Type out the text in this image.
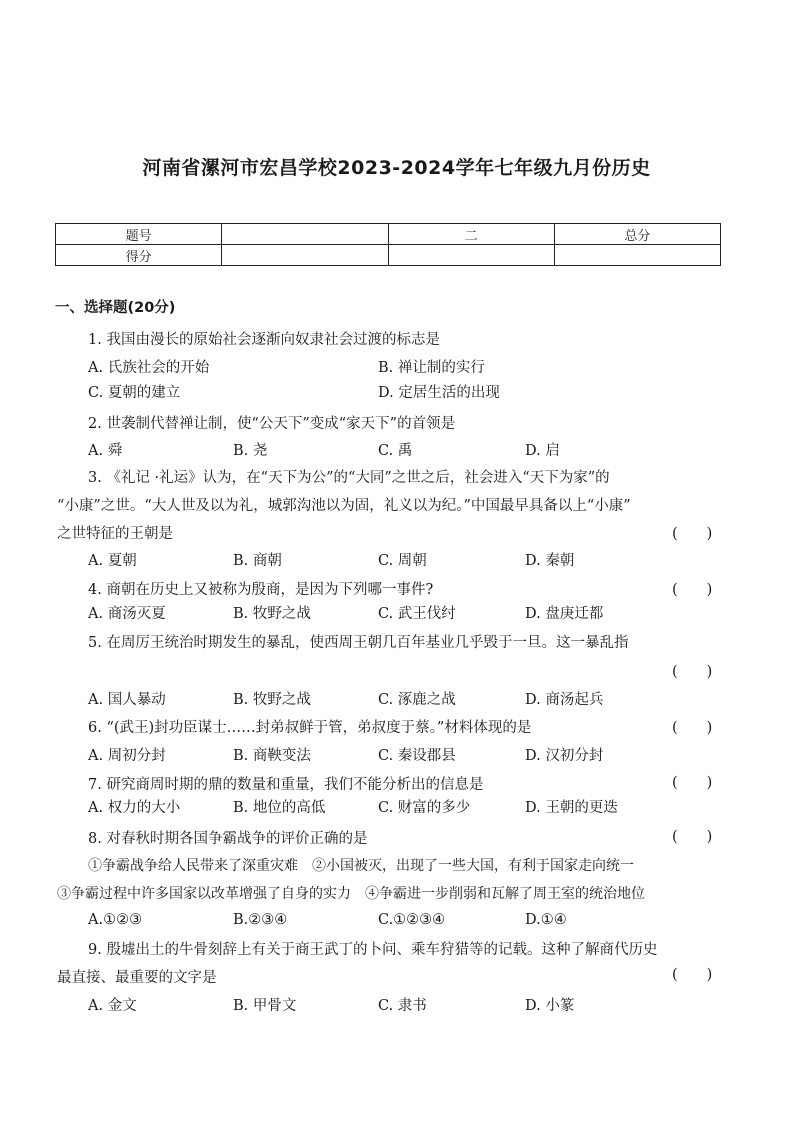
河南省漯河市宏昌学校2023-2024学年七年级九月份历史
题号		二	总分
得分			
一、选择题(20分)
1. 我国由漫长的原始社会逐渐向奴隶社会过渡的标志是
A. 氏族社会的开始	B. 禅让制的实行
C. 夏朝的建立	D. 定居生活的出现
2. 世袭制代替禅让制，使“公天下”变成“家天下”的首领是
A. 舜	B. 尧	C. 禹	D. 启
3. 《礼记 ·礼运》认为，在“天下为公”的“大同”之世之后，社会进入“天下为家”的
“小康”之世。“大人世及以为礼，城郭沟池以为固，礼义以为纪。”中国最早具备以上“小康”
之世特征的王朝是	(　　)
A. 夏朝	B. 商朝	C. 周朝	D. 秦朝
4. 商朝在历史上又被称为殷商，是因为下列哪一事件?	(　　)
A. 商汤灭夏	B. 牧野之战	C. 武王伐纣	D. 盘庚迁都
5. 在周厉王统治时期发生的暴乱，使西周王朝几百年基业几乎毁于一旦。这一暴乱指
(　　)
A. 国人暴动	B. 牧野之战	C. 涿鹿之战	D. 商汤起兵
6. “(武王)封功臣谋士……封弟叔鲜于管，弟叔度于蔡。”材料体现的是	(　　)
A. 周初分封	B. 商鞅变法	C. 秦设郡县	D. 汉初分封
7. 研究商周时期的鼎的数量和重量，我们不能分析出的信息是	(　　)
A. 权力的大小	B. 地位的高低	C. 财富的多少	D. 王朝的更迭
8. 对春秋时期各国争霸战争的评价正确的是	(　　)
①争霸战争给人民带来了深重灾难　②小国被灭，出现了一些大国，有利于国家走向统一
③争霸过程中许多国家以改革增强了自身的实力　④争霸进一步削弱和瓦解了周王室的统治地位
A.①②③	B.②③④	C.①②③④	D.①④
9. 殷墟出土的牛骨刻辞上有关于商王武丁的卜问、乘车狩猎等的记载。这种了解商代历史
最直接、最重要的文字是	(　　)
A. 金文	B. 甲骨文	C. 隶书	D. 小篆
